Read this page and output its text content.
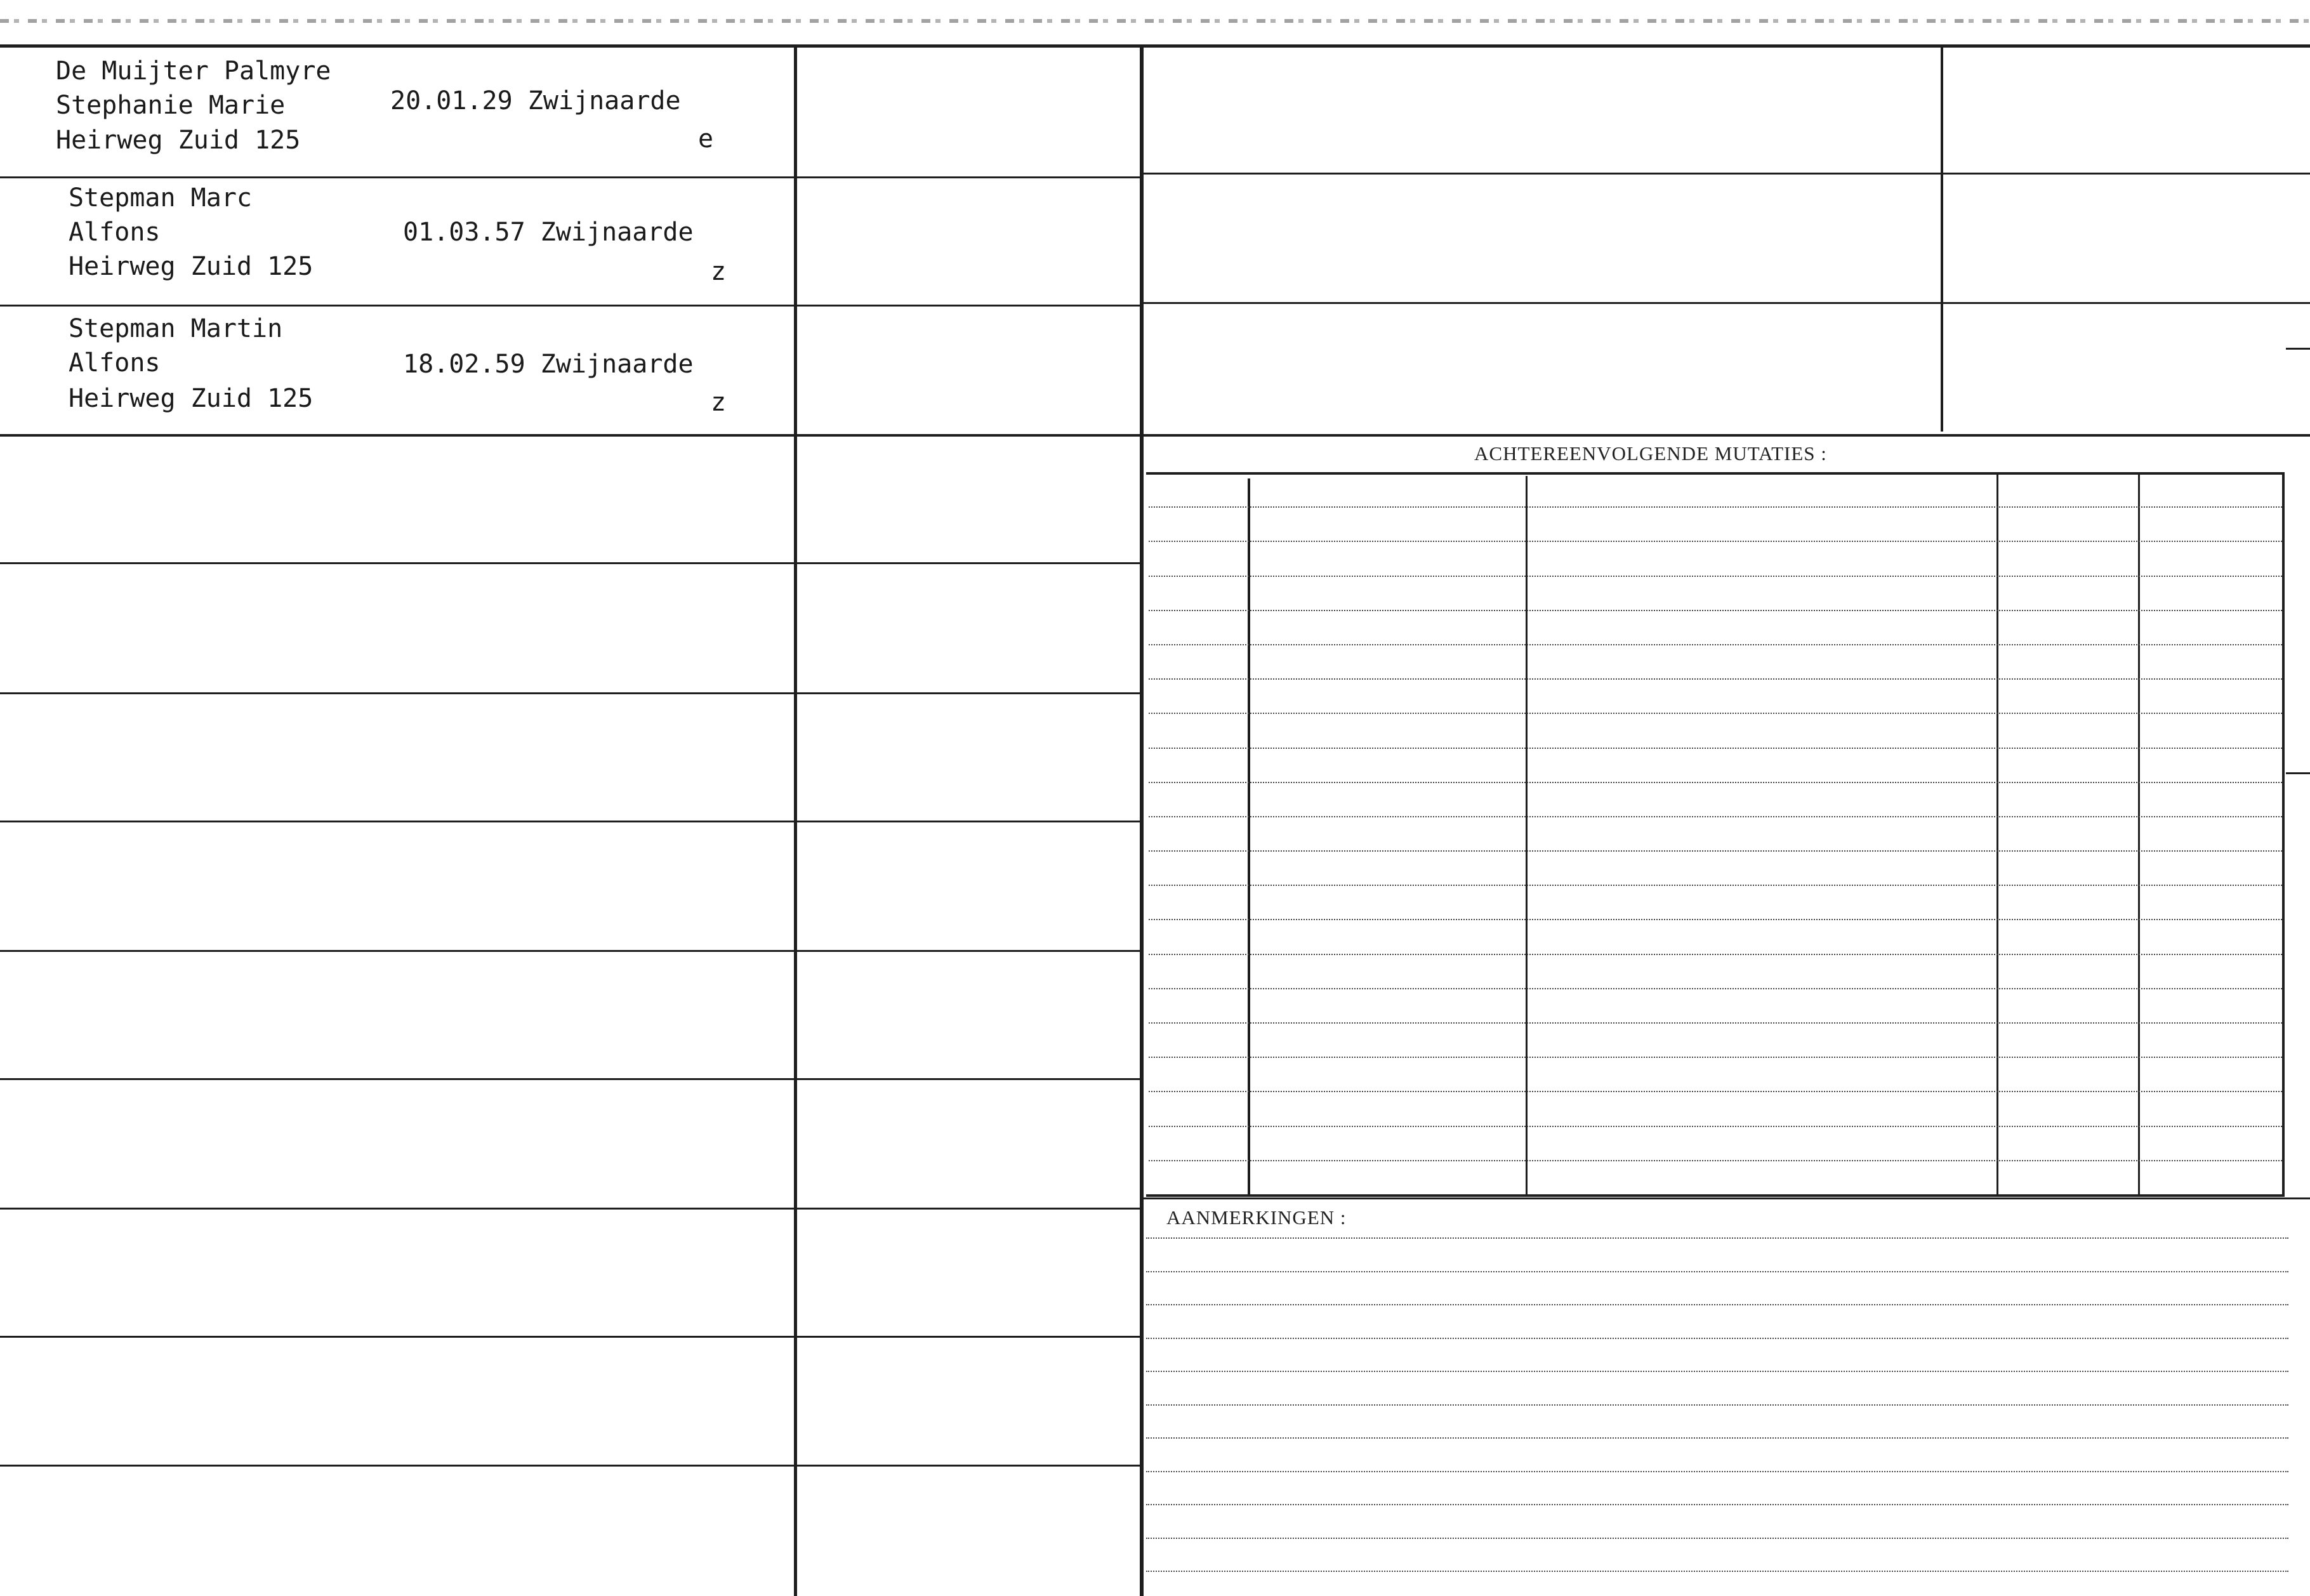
De Muijter Palmyre
Stephanie Marie
Heirweg Zuid 125
20.01.29 Zwijnaarde
e
Stepman Marc
Alfons
Heirweg Zuid 125
01.03.57 Zwijnaarde
z
Stepman Martin
Alfons
Heirweg Zuid 125
18.02.59 Zwijnaarde
z
ACHTEREENVOLGENDE MUTATIES :
AANMERKINGEN :
